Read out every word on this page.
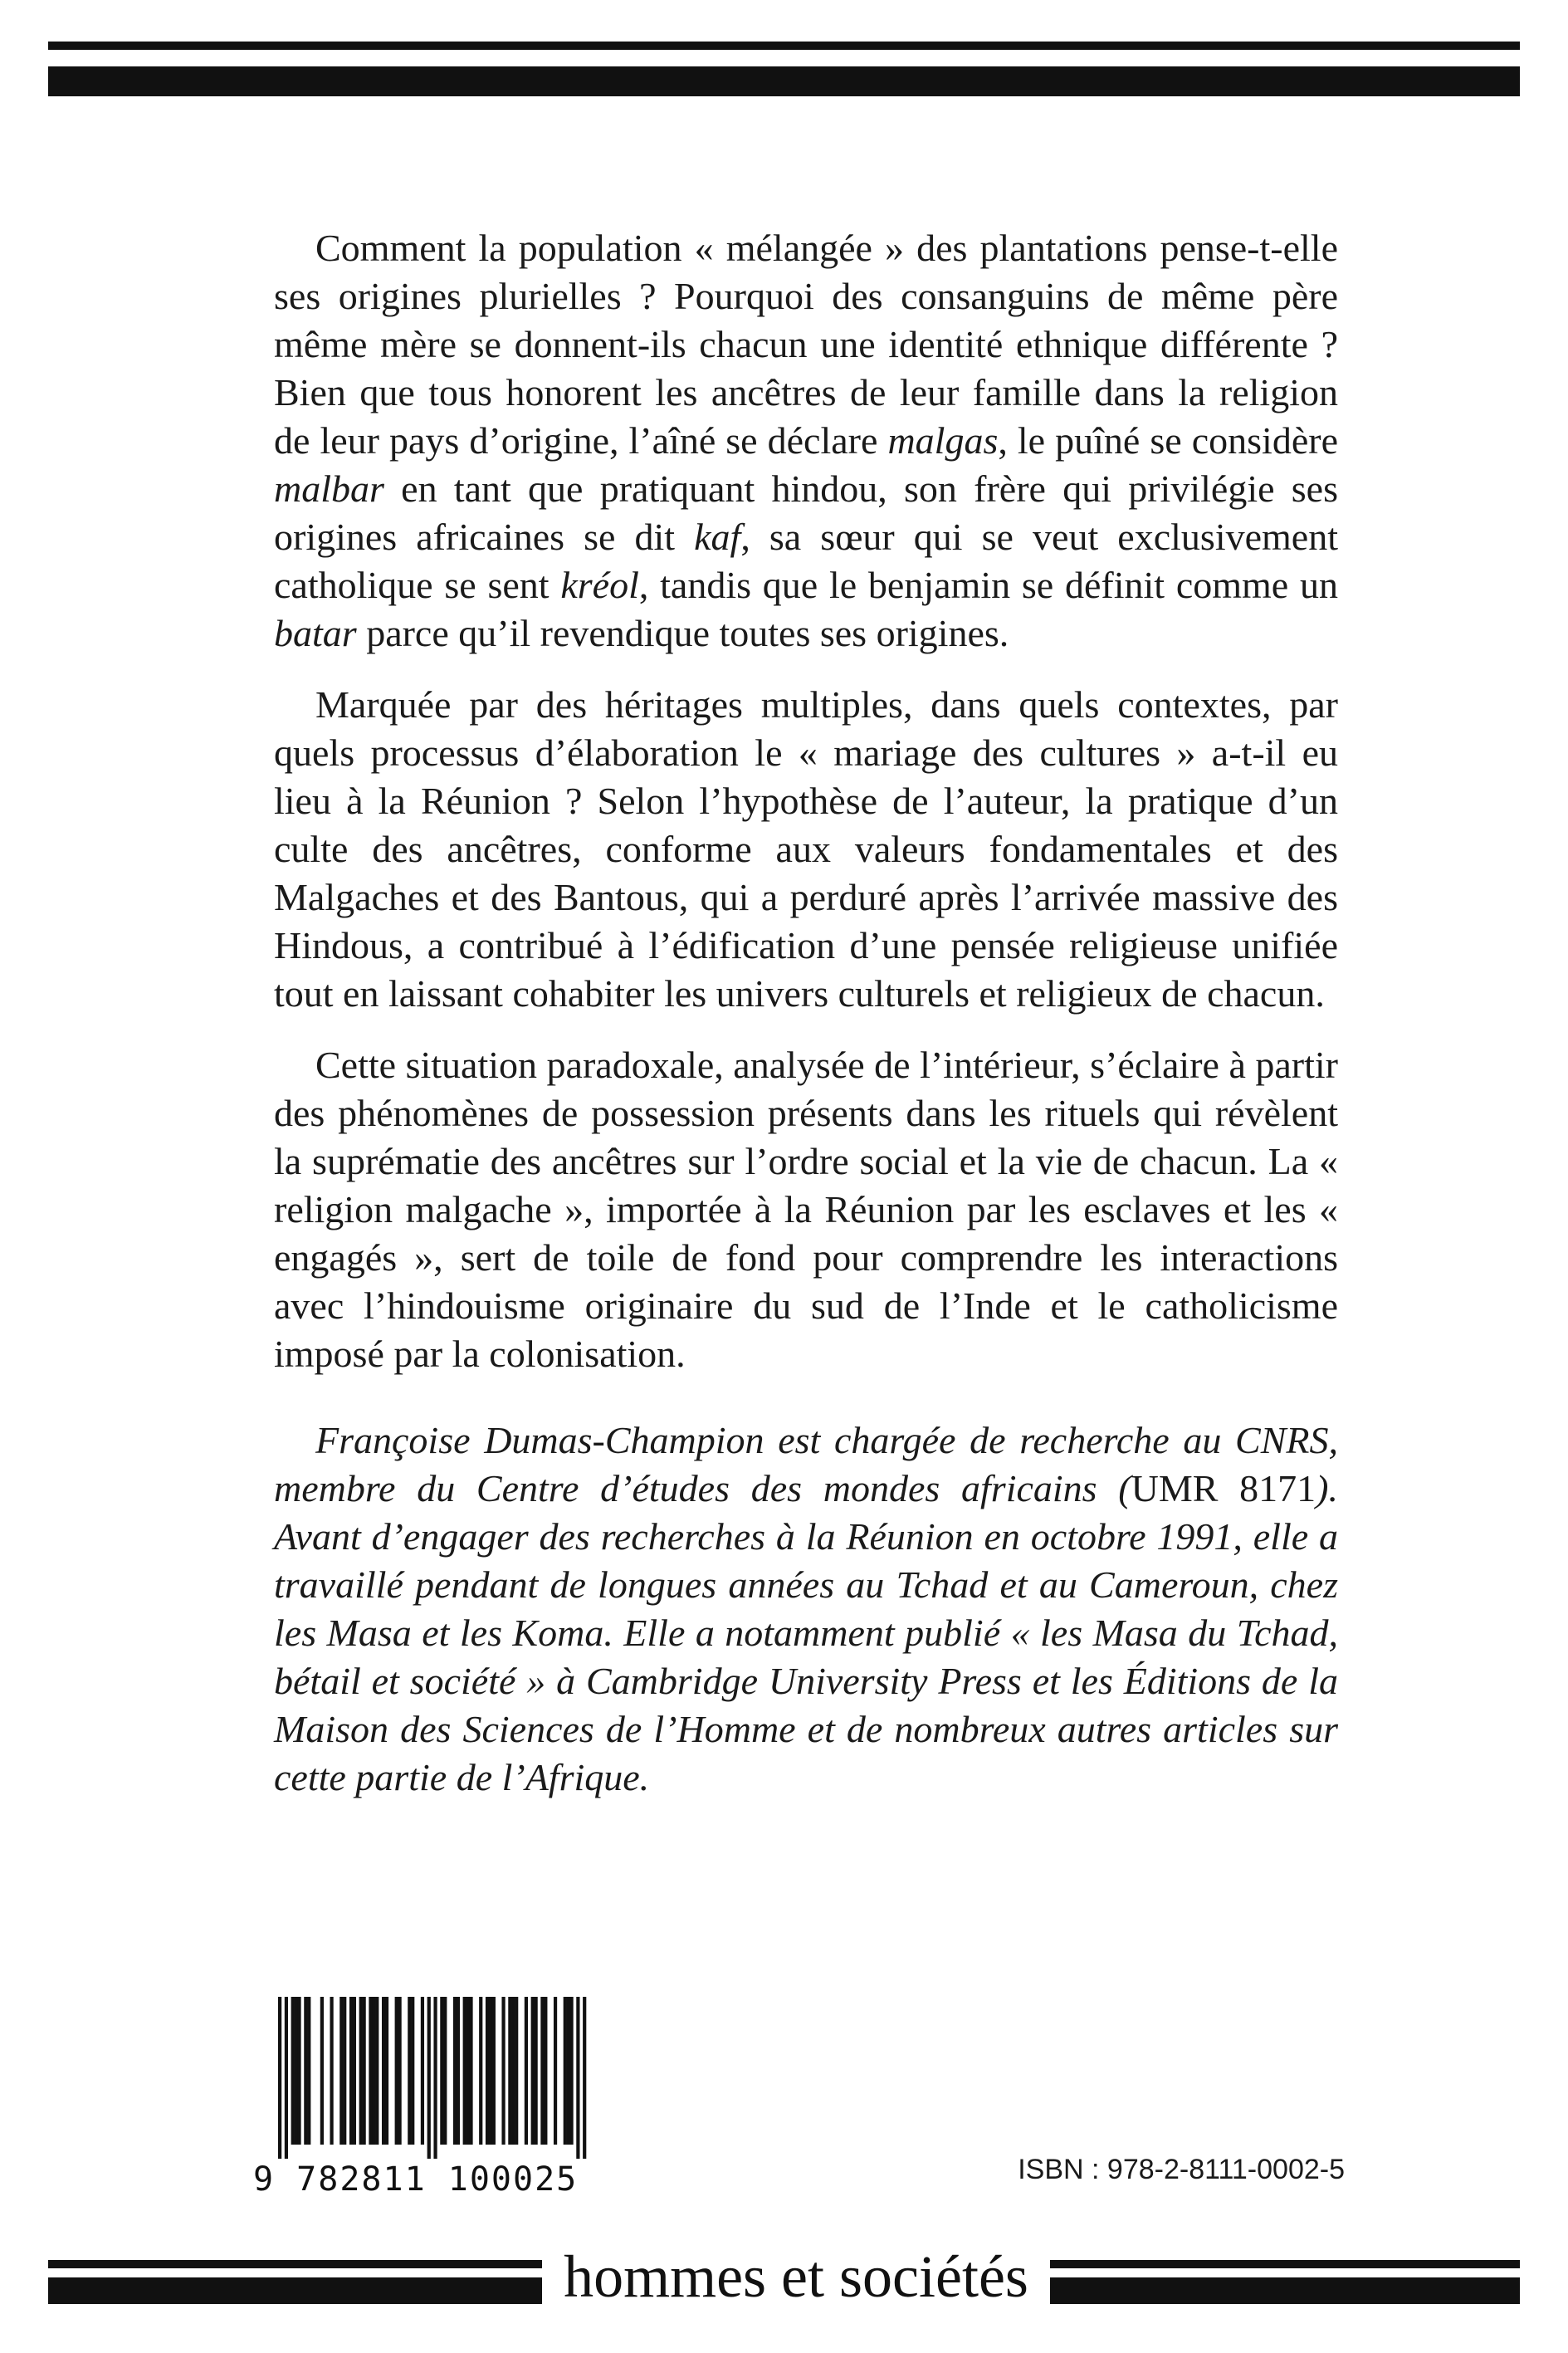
Comment la population « mélangée » des plantations pense-t-elle ses origines plurielles ? Pourquoi des consanguins de même père même mère se donnent-ils chacun une identité ethnique différente ? Bien que tous honorent les ancêtres de leur famille dans la religion de leur pays d’origine, l’aîné se déclare malgas, le puîné se considère malbar en tant que pratiquant hindou, son frère qui privilégie ses origines africaines se dit kaf, sa sœur qui se veut exclusivement catholique se sent kréol, tandis que le benjamin se définit comme un batar parce qu’il revendique toutes ses origines.

Marquée par des héritages multiples, dans quels contextes, par quels processus d’élaboration le « mariage des cultures » a-t-il eu lieu à la Réunion ? Selon l’hypothèse de l’auteur, la pratique d’un culte des ancêtres, conforme aux valeurs fondamentales et des Malgaches et des Bantous, qui a perduré après l’arrivée massive des Hindous, a contribué à l’édification d’une pensée religieuse unifiée tout en laissant cohabiter les univers culturels et religieux de chacun.

Cette situation paradoxale, analysée de l’intérieur, s’éclaire à partir des phénomènes de possession présents dans les rituels qui révèlent la suprématie des ancêtres sur l’ordre social et la vie de chacun. La « religion malgache », importée à la Réunion par les esclaves et les « engagés », sert de toile de fond pour comprendre les interactions avec l’hindouisme originaire du sud de l’Inde et le catholicisme imposé par la colonisation.

Françoise Dumas-Champion est chargée de recherche au CNRS, membre du Centre d’études des mondes africains (UMR 8171). Avant d’engager des recherches à la Réunion en octobre 1991, elle a travaillé pendant de longues années au Tchad et au Cameroun, chez les Masa et les Koma. Elle a notamment publié « les Masa du Tchad, bétail et société » à Cambridge University Press et les Éditions de la Maison des Sciences de l’Homme et de nombreux autres articles sur cette partie de l’Afrique.

9 782811 100025	ISBN : 978-2-8111-0002-5
hommes et sociétés
